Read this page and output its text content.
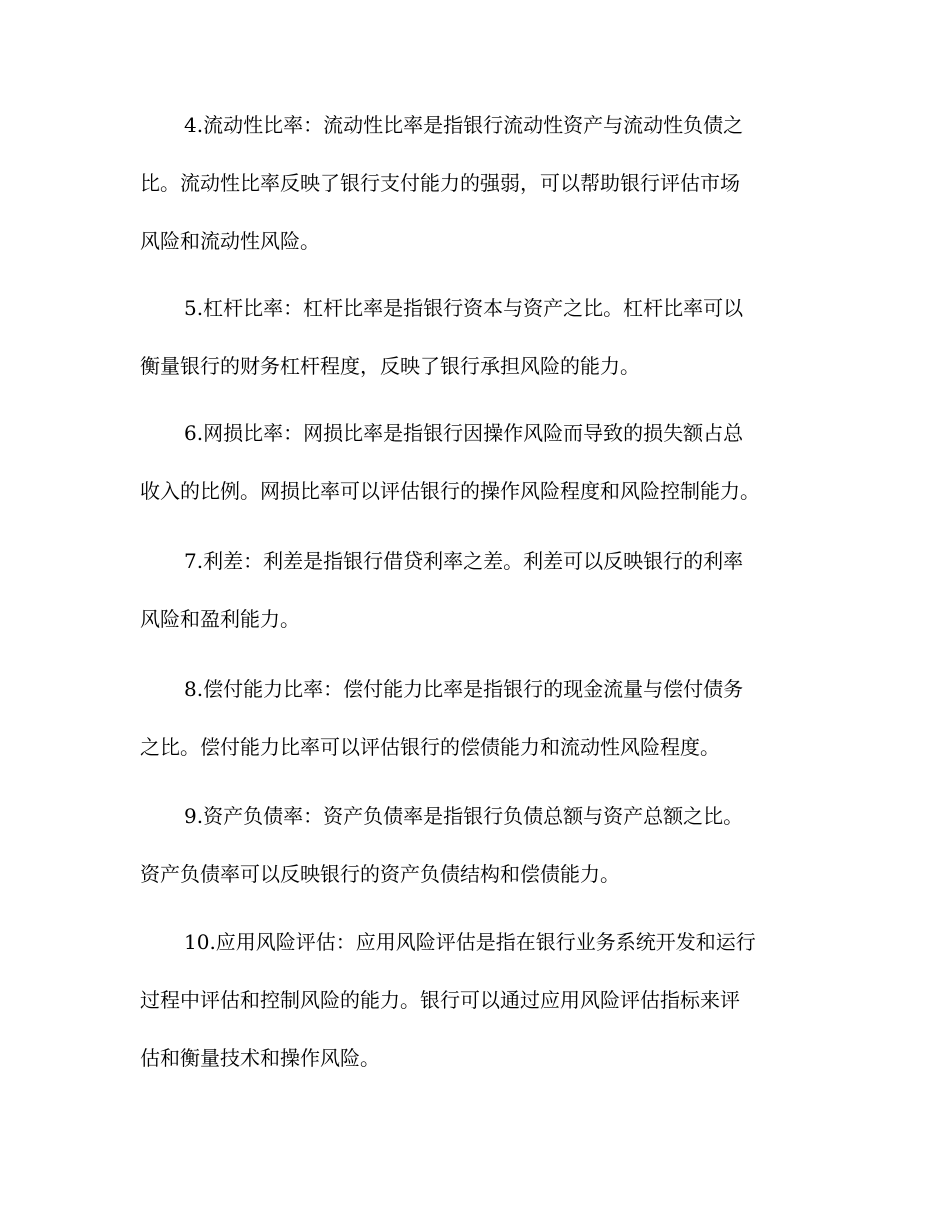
4.流动性比率：流动性比率是指银行流动性资产与流动性负债之
比。流动性比率反映了银行支付能力的强弱，可以帮助银行评估市场
风险和流动性风险。
5.杠杆比率：杠杆比率是指银行资本与资产之比。杠杆比率可以
衡量银行的财务杠杆程度，反映了银行承担风险的能力。
6.网损比率：网损比率是指银行因操作风险而导致的损失额占总
收入的比例。网损比率可以评估银行的操作风险程度和风险控制能力。
7.利差：利差是指银行借贷利率之差。利差可以反映银行的利率
风险和盈利能力。
8.偿付能力比率：偿付能力比率是指银行的现金流量与偿付债务
之比。偿付能力比率可以评估银行的偿债能力和流动性风险程度。
9.资产负债率：资产负债率是指银行负债总额与资产总额之比。
资产负债率可以反映银行的资产负债结构和偿债能力。
10.应用风险评估：应用风险评估是指在银行业务系统开发和运行
过程中评估和控制风险的能力。银行可以通过应用风险评估指标来评
估和衡量技术和操作风险。
